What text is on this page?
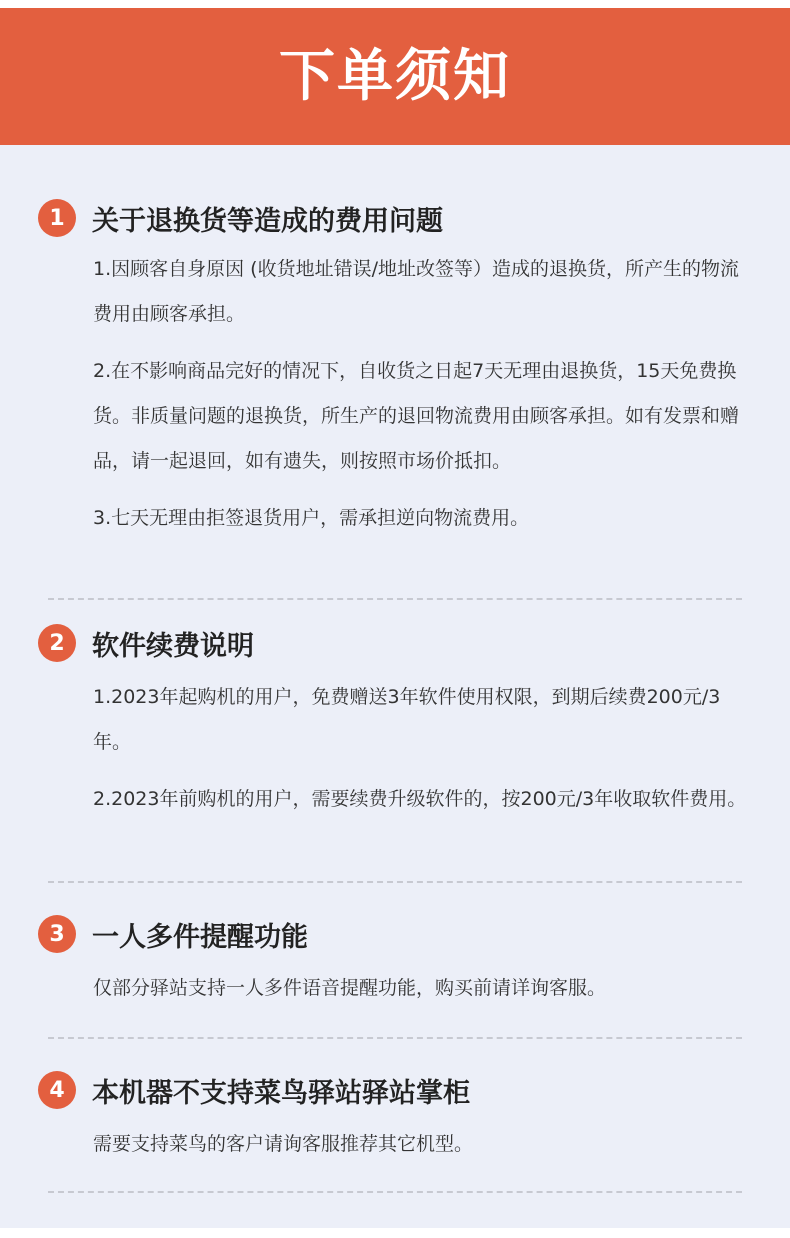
下单须知
1	关于退换货等造成的费用问题
1.因顾客自身原因 (收货地址错误/地址改签等）造成的退换货，所产生的物流费用由顾客承担。
2.在不影响商品完好的情况下，自收货之日起7天无理由退换货，15天免费换货。非质量问题的退换货，所生产的退回物流费用由顾客承担。如有发票和赠品，请一起退回，如有遗失，则按照市场价抵扣。
3.七天无理由拒签退货用户，需承担逆向物流费用。
2	软件续费说明
1.2023年起购机的用户，免费赠送3年软件使用权限，到期后续费200元/3年。
2.2023年前购机的用户，需要续费升级软件的，按200元/3年收取软件费用。
3	一人多件提醒功能
仅部分驿站支持一人多件语音提醒功能，购买前请详询客服。
4	本机器不支持菜鸟驿站驿站掌柜
需要支持菜鸟的客户请询客服推荐其它机型。
